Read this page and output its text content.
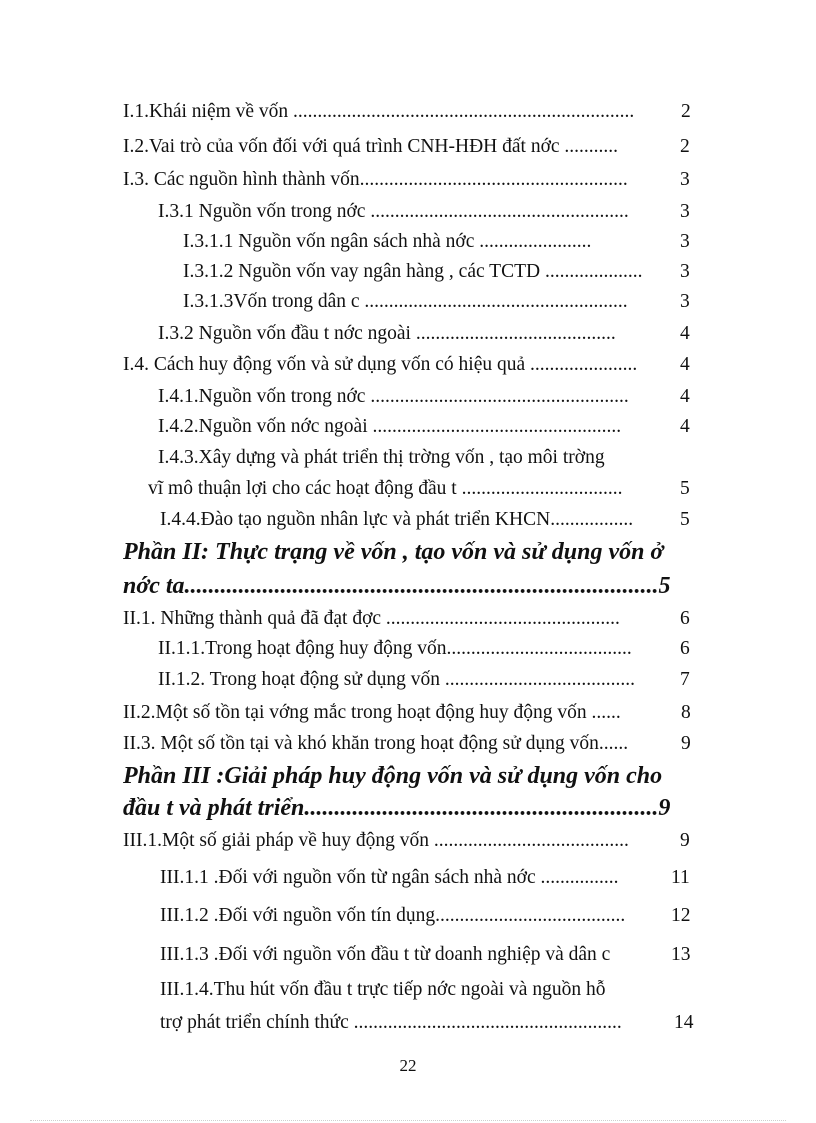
I.1.Khái niệm về vốn ...................................................................... 2
I.2.Vai trò của vốn đối với quá trình CNH-HĐH đất nớc ...........	2
I.3. Các nguồn hình thành vốn.......................................................	3
I.3.1 Nguồn vốn trong nớc .....................................................	3
I.3.1.1 Nguồn vốn ngân sách nhà nớc .......................	3
I.3.1.2 Nguồn vốn vay ngân hàng , các TCTD .................... 3
I.3.1.3Vốn trong dân c ......................................................	3
I.3.2 Nguồn vốn đầu t nớc ngoài .........................................	4
I.4. Cách huy động vốn và sử dụng vốn có hiệu quả ...................... 4
I.4.1.Nguồn vốn trong nớc .....................................................	4
I.4.2.Nguồn vốn nớc ngoài ...................................................	4
I.4.3.Xây dựng và phát triển thị trờng vốn , tạo môi trờng
vĩ mô thuận lợi cho các hoạt động đầu t .................................	5
I.4.4.Đào tạo nguồn nhân lực và phát triển KHCN................. 5
Phần II: Thực trạng về vốn , tạo vốn và sử dụng vốn ở
nớc ta...............................................................................5
II.1. Những thành quả đã đạt đợc ................................................	6
II.1.1.Trong hoạt động huy động vốn...................................... 6
II.1.2. Trong hoạt động sử dụng vốn ....................................... 7
II.2.Một số tồn tại vớng mắc trong hoạt động huy động vốn ......	8
II.3. Một số tồn tại và khó khăn trong hoạt động sử dụng vốn......	9
Phần III :Giải pháp huy động vốn và sử dụng vốn cho
đầu t và phát triển...........................................................9
III.1.Một số giải pháp về huy động vốn ........................................	9
III.1.1 .Đối với nguồn vốn từ ngân sách nhà nớc ................	11
III.1.2 .Đối với nguồn vốn tín dụng....................................... 12
III.1.3 .Đối với nguồn vốn đầu t từ doanh nghiệp và dân c	13
III.1.4.Thu hút vốn đầu t trực tiếp nớc ngoài và nguồn hỗ
trợ phát triển chính thức .......................................................	14
22
